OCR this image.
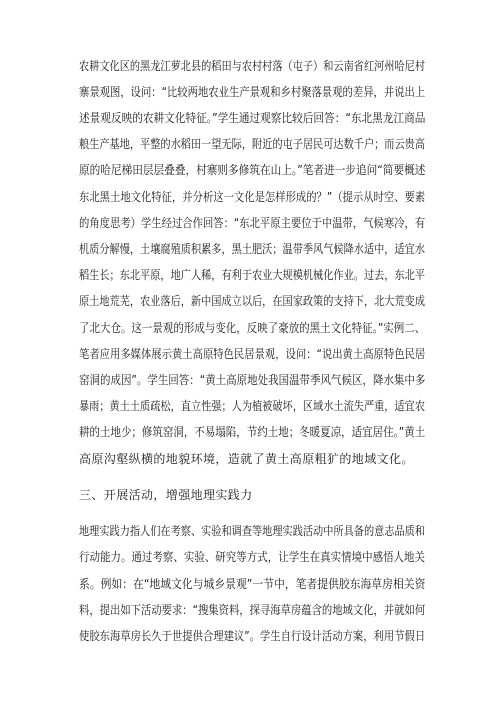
农耕文化区的黑龙江萝北县的稻田与农村村落（屯子）和云南省红河州哈尼村
寨景观图，设问：“比较两地农业生产景观和乡村聚落景观的差异，并说出上
述景观反映的农耕文化特征。”学生通过观察比较后回答：“东北黑龙江商品
粮生产基地，平整的水稻田一望无际，附近的屯子居民可达数千户；而云贵高
原的哈尼梯田层层叠叠，村寨则多修筑在山上。”笔者进一步追问“简要概述
东北黑土地文化特征，并分析这一文化是怎样形成的？”（提示从时空、要素
的角度思考）学生经过合作回答：“东北平原主要位于中温带，气候寒冷，有
机质分解慢，土壤腐殖质积累多，黑土肥沃；温带季风气候降水适中，适宜水
稻生长；东北平原，地广人稀，有利于农业大规模机械化作业。过去，东北平
原土地荒芜，农业落后，新中国成立以后，在国家政策的支持下，北大荒变成
了北大仓。这一景观的形成与变化，反映了豪放的黑土文化特征。”实例二、
笔者应用多媒体展示黄土高原特色民居景观，设问：“说出黄土高原特色民居
窑洞的成因”。学生回答：“黄土高原地处我国温带季风气候区，降水集中多
暴雨；黄土土质疏松，直立性强；人为植被破坏，区域水土流失严重，适宜农
耕的土地少；修筑窑洞，不易塌陷，节约土地；冬暖夏凉，适宜居住。”黄土
高原沟壑纵横的地貌环境，造就了黄土高原粗犷的地域文化。
三、开展活动，增强地理实践力
地理实践力指人们在考察、实验和调查等地理实践活动中所具备的意志品质和
行动能力。通过考察、实验、研究等方式，让学生在真实情境中感悟人地关
系。例如：在“地域文化与城乡景观”一节中，笔者提供胶东海草房相关资
料，提出如下活动要求：“搜集资料，探寻海草房蕴含的地域文化，并就如何
使胶东海草房长久于世提供合理建议”。学生自行设计活动方案，利用节假日
